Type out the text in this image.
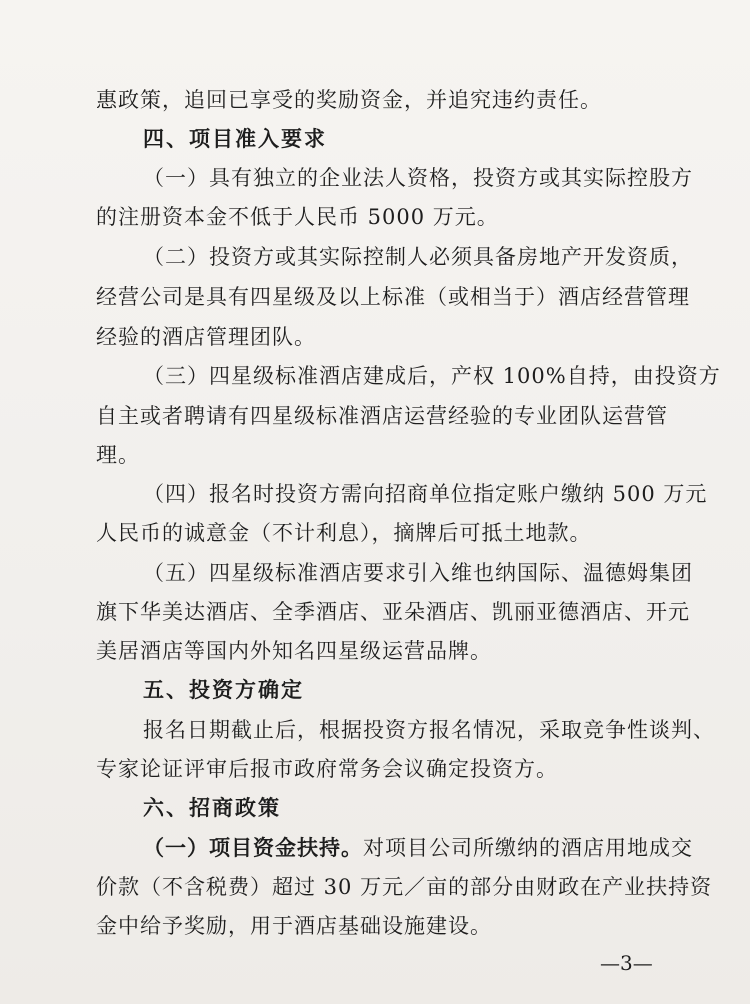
惠政策，追回已享受的奖励资金，并追究违约责任。
四、项目准入要求
（一）具有独立的企业法人资格，投资方或其实际控股方
的注册资本金不低于人民币 5000 万元。
（二）投资方或其实际控制人必须具备房地产开发资质，
经营公司是具有四星级及以上标准（或相当于）酒店经营管理
经验的酒店管理团队。
（三）四星级标准酒店建成后，产权 100%自持，由投资方
自主或者聘请有四星级标准酒店运营经验的专业团队运营管
理。
（四）报名时投资方需向招商单位指定账户缴纳 500 万元
人民币的诚意金（不计利息），摘牌后可抵土地款。
（五）四星级标准酒店要求引入维也纳国际、温德姆集团
旗下华美达酒店、全季酒店、亚朵酒店、凯丽亚德酒店、开元
美居酒店等国内外知名四星级运营品牌。
五、投资方确定
报名日期截止后，根据投资方报名情况，采取竞争性谈判、
专家论证评审后报市政府常务会议确定投资方。
六、招商政策
（一）项目资金扶持。对项目公司所缴纳的酒店用地成交
价款（不含税费）超过 30 万元／亩的部分由财政在产业扶持资
金中给予奖励，用于酒店基础设施建设。
—3—
